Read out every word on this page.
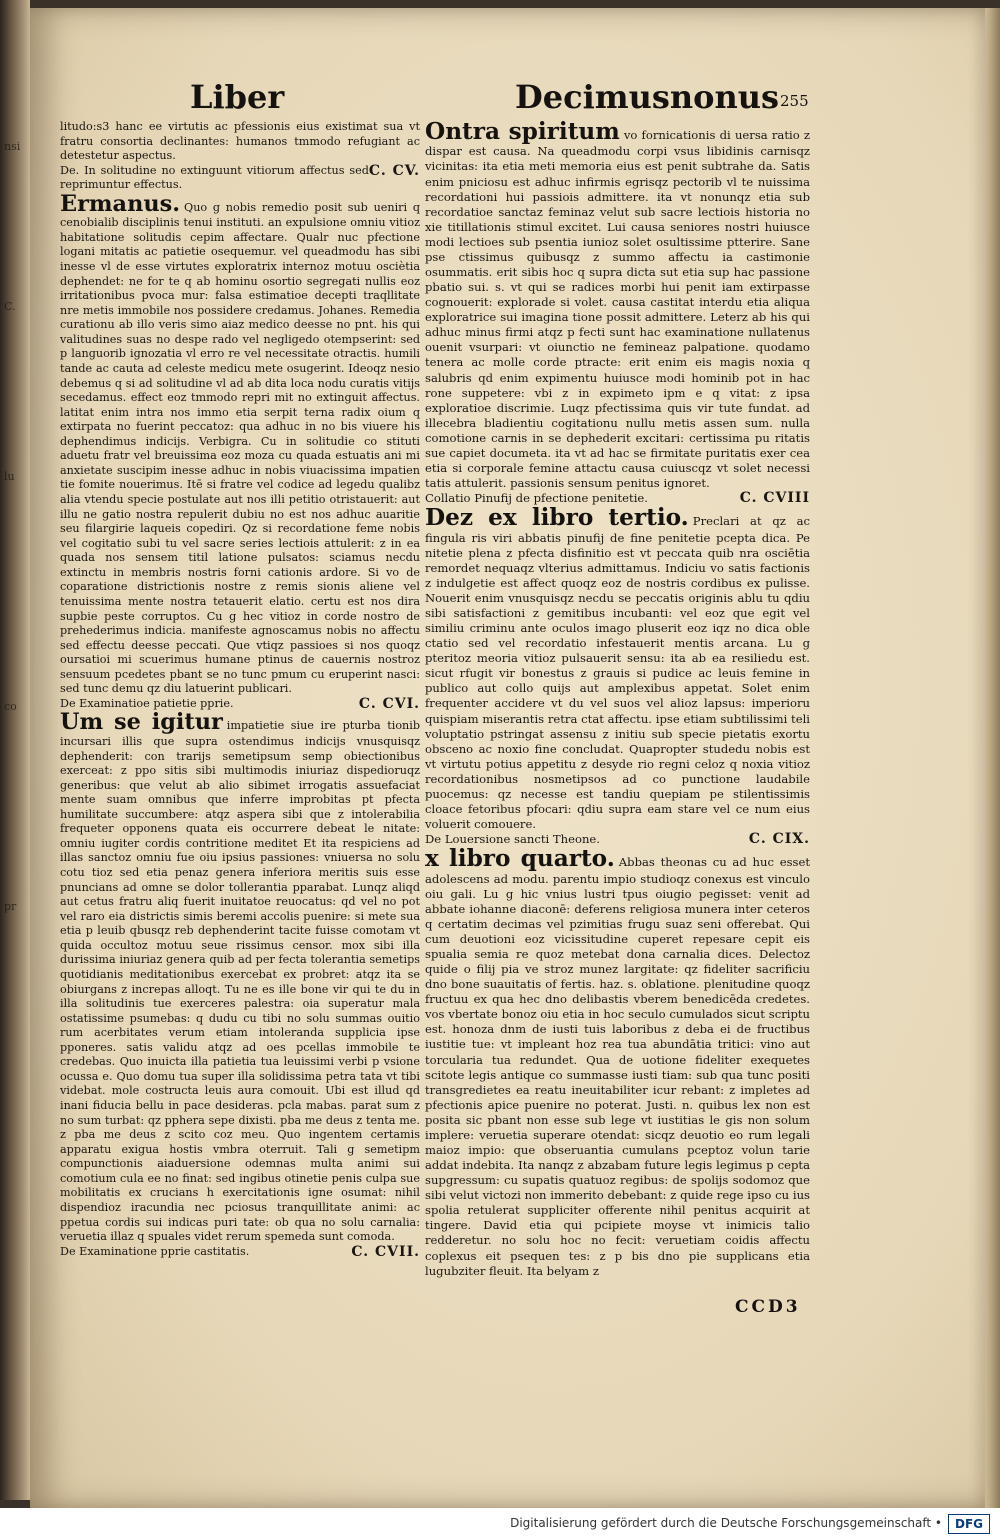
nsi
C.
lu
co
pr
Liber	Decimusnonus 255

litudo:s3 hanc ee virtutis ac pfessionis eius existimat sua vt fratru consortia declinantes: humanos tmmodo refugiant ac detestetur aspectus.

C. CV.
De. In solitudine no extinguunt vitiorum affectus sed reprimuntur effectus.

Ermanus. Quo g nobis remedio posit sub ueniri q cenobialib disciplinis tenui instituti. an expulsione omniu vitioz habitatione solitudis cepim affectare. Qualr nuc pfectione logani mitatis ac patietie osequemur. vel queadmodu has sibi inesse vl de esse virtutes exploratrix internoz motuu osciètia dephendet: ne for te q ab hominu osortio segregati nullis eoz irritationibus pvoca mur: falsa estimatioe decepti traqllitate nre metis immobile nos possidere credamus. Johanes. Remedia curationu ab illo veris simo aiaz medico deesse no pnt. his qui valitudines suas no despe rado vel negligedo otempserint: sed p languorib ignozatia vl erro re vel necessitate otractis. humili tande ac cauta ad celeste medicu mete osugerint. Ideoqz nesio debemus q si ad solitudine vl ad ab dita loca nodu curatis vitijs secedamus. effect eoz tmmodo repri mit no extinguit affectus. latitat enim intra nos immo etia serpit terna radix oium q extirpata no fuerint peccatoz: qua adhuc in no bis viuere his dephendimus indicijs. Verbigra. Cu in solitudie co stituti aduetu fratr vel breuissima eoz moza cu quada estuatis ani mi anxietate suscipim inesse adhuc in nobis viuacissima impatien tie fomite nouerimus. Itē si fratre vel codice ad legedu qualibz alia vtendu specie postulate aut nos illi petitio otristauerit: aut illu ne gatio nostra repulerit dubiu no est nos adhuc auaritie seu filargirie laqueis copediri. Qz si recordatione feme nobis vel cogitatio subi tu vel sacre series lectiois attulerit: z in ea quada nos sensem titil latione pulsatos: sciamus necdu extinctu in membris nostris forni cationis ardore. Si vo de coparatione districtionis nostre z remis sionis aliene vel tenuissima mente nostra tetauerit elatio. certu est nos dira supbie peste corruptos. Cu g hec vitioz in corde nostro de prehederimus indicia. manifeste agnoscamus nobis no affectu sed effectu deesse peccati. Que vtiqz passioes si nos quoqz oursatioi mi scuerimus humane ptinus de cauernis nostroz sensuum pcedetes pbant se no tunc pmum cu eruperint nasci: sed tunc demu qz diu latuerint publicari.

C. CVI.
De Examinatioe patietie pprie.

Um se igitur impatietie siue ire pturba tionib incursari illis que supra ostendimus indicijs vnusquisqz dephenderit: con trarijs semetipsum semp obiectionibus exerceat: z ppo sitis sibi multimodis iniuriaz dispedioruqz generibus: que velut ab alio sibimet irrogatis assuefaciat mente suam omnibus que inferre improbitas pt pfecta humilitate succumbere: atqz aspera sibi que z intolerabilia frequeter opponens quata eis occurrere debeat le nitate: omniu iugiter cordis contritione meditet Et ita respiciens ad illas sanctoz omniu fue oiu ipsius passiones: vniuersa no solu cotu tioz sed etia penaz genera inferiora meritis suis esse pnuncians ad omne se dolor tollerantia pparabat. Lunqz aliqd aut cetus fratru aliq fuerit inuitatoe reuocatus: qd vel no pot vel raro eia districtis simis beremi accolis puenire: si mete sua etia p leuib qbusqz reb dephenderint tacite fuisse comotam vt quida occultoz motuu seue rissimus censor. mox sibi illa durissima iniuriaz genera quib ad per fecta tolerantia semetips quotidianis meditationibus exercebat ex probret: atqz ita se obiurgans z increpas alloqt. Tu ne es ille bone vir qui te du in illa solitudinis tue exerceres palestra: oia superatur mala ostatissime psumebas: q dudu cu tibi no solu summas ouitio rum acerbitates verum etiam intoleranda supplicia ipse pponeres. satis validu atqz ad oes pcellas immobile te credebas. Quo inuicta illa patietia tua leuissimi verbi p vsione ocussa e. Quo domu tua super illa solidissima petra tata vt tibi videbat. mole costructa leuis aura comouit. Ubi est illud qd inani fiducia bellu in pace desideras. pcla mabas. parat sum z no sum turbat: qz pphera sepe dixisti. pba me deus z tenta me. z pba me deus z scito coz meu. Quo ingentem certamis apparatu exigua hostis vmbra oterruit. Tali g semetipm compunctionis aiaduersione odemnas multa animi sui comotium cula ee no finat: sed ingibus otinetie penis culpa sue mobilitatis ex crucians h exercitationis igne osumat: nihil dispendioz iracundia nec pciosus tranquillitate animi: ac ppetua cordis sui indicas puri tate: ob qua no solu carnalia: veruetia illaz q spuales videt rerum spemeda sunt comoda.

C. CVII.
De Examinatione pprie castitatis.

Ontra spiritum vo fornicationis di uersa ratio z dispar est causa. Na queadmodu corpi vsus libidinis carnisqz vicinitas: ita etia meti memoria eius est penit subtrahe da. Satis enim pniciosu est adhuc infirmis egrisqz pectorib vl te nuissima recordationi hui passiois admittere. ita vt nonunqz etia sub recordatioe sanctaz feminaz velut sub sacre lectiois historia no xie titillationis stimul excitet. Lui causa seniores nostri huiusce modi lectioes sub psentia iunioz solet osultissime ptterire. Sane pse ctissimus quibusqz z summo affectu ia castimonie osummatis. erit sibis hoc q supra dicta sut etia sup hac passione pbatio sui. s. vt qui se radices morbi hui penit iam extirpasse cognouerit: explorade si volet. causa castitat interdu etia aliqua exploratrice sui imagina tione possit admittere. Leterz ab his qui adhuc minus firmi atqz p fecti sunt hac examinatione nullatenus ouenit vsurpari: vt oiunctio ne femineaz palpatione. quodamo tenera ac molle corde ptracte: erit enim eis magis noxia q salubris qd enim expimentu huiusce modi hominib pot in hac rone suppetere: vbi z in expimeto ipm e q vitat: z ipsa exploratioe discrimie. Luqz pfectissima quis vir tute fundat. ad illecebra bladientiu cogitationu nullu metis assen sum. nulla comotione carnis in se dephederit excitari: certissima pu ritatis sue capiet documeta. ita vt ad hac se firmitate puritatis exer cea etia si corporale femine attactu causa cuiuscqz vt solet necessi tatis attulerit. passionis sensum penitus ignoret.

C. CVIII
Collatio Pinufij de pfectione penitetie.

Dez ex libro tertio. Preclari at qz ac fingula ris viri abbatis pinufij de fine penitetie pcepta dica. Pe nitetie plena z pfecta disfinitio est vt peccata quib nra osciētia remordet nequaqz vlterius admittamus. Indiciu vo satis factionis z indulgetie est affect quoqz eoz de nostris cordibus ex pulisse. Nouerit enim vnusquisqz necdu se peccatis originis ablu tu qdiu sibi satisfactioni z gemitibus incubanti: vel eoz que egit vel similiu criminu ante oculos imago pluserit eoz iqz no dica oble ctatio sed vel recordatio infestauerit mentis arcana. Lu g pteritoz meoria vitioz pulsauerit sensu: ita ab ea resiliedu est. sicut rfugit vir bonestus z grauis si pudice ac leuis femine in publico aut collo quijs aut amplexibus appetat. Solet enim frequenter accidere vt du vel suos vel alioz lapsus: imperioru quispiam miserantis retra ctat affectu. ipse etiam subtilissimi teli voluptatio pstringat assensu z initiu sub specie pietatis exortu obsceno ac noxio fine concludat. Quapropter studedu nobis est vt virtutu potius appetitu z desyde rio regni celoz q noxia vitioz recordationibus nosmetipsos ad co punctione laudabile puocemus: qz necesse est tandiu quepiam pe stilentissimis cloace fetoribus pfocari: qdiu supra eam stare vel ce num eius voluerit comouere.

C. CIX.
De Louersione sancti Theone.

x libro quarto. Abbas theonas cu ad huc esset adolescens ad modu. parentu impio studioqz conexus est vinculo oiu gali. Lu g hic vnius lustri tpus oiugio pegisset: venit ad abbate iohanne diaconē: deferens religiosa munera inter ceteros q certatim decimas vel pzimitias frugu suaz seni offerebat. Qui cum deuotioni eoz vicissitudine cuperet repesare cepit eis spualia semia re quoz metebat dona carnalia dices. Delectoz quide o filij pia ve stroz munez largitate: qz fideliter sacrificiu dno bone suauitatis of fertis. haz. s. oblatione. plenitudine quoqz fructuu ex qua hec dno delibastis vberem benedicēda credetes. vos vbertate bonoz oiu etia in hoc seculo cumulados sicut scriptu est. honoza dnm de iusti tuis laboribus z deba ei de fructibus iustitie tue: vt impleant hoz rea tua abundātia tritici: vino aut torcularia tua redundet. Qua de uotione fideliter exequetes scitote legis antique co summasse iusti tiam: sub qua tunc positi transgredietes ea reatu ineuitabiliter icur rebant: z impletes ad pfectionis apice puenire no poterat. Justi. n. quibus lex non est posita sic pbant non esse sub lege vt iustitias le gis non solum implere: veruetia superare otendat: sicqz deuotio eo rum legali maioz impio: que obseruantia cumulans pceptoz volun tarie addat indebita. Ita nanqz z abzabam future legis legimus p cepta supgressum: cu supatis quatuoz regibus: de spolijs sodomoz que sibi velut victozi non immerito debebant: z quide rege ipso cu ius spolia retulerat suppliciter offerente nihil penitus acquirit at tingere. David etia qui pcipiete moyse vt inimicis talio redderetur. no solu hoc no fecit: veruetiam coidis affectu coplexus eit psequen tes: z p bis dno pie supplicans etia lugubziter fleuit. Ita belyam z

CCD3
Digitalisierung gefördert durch die Deutsche Forschungsgemeinschaft •	DFG
